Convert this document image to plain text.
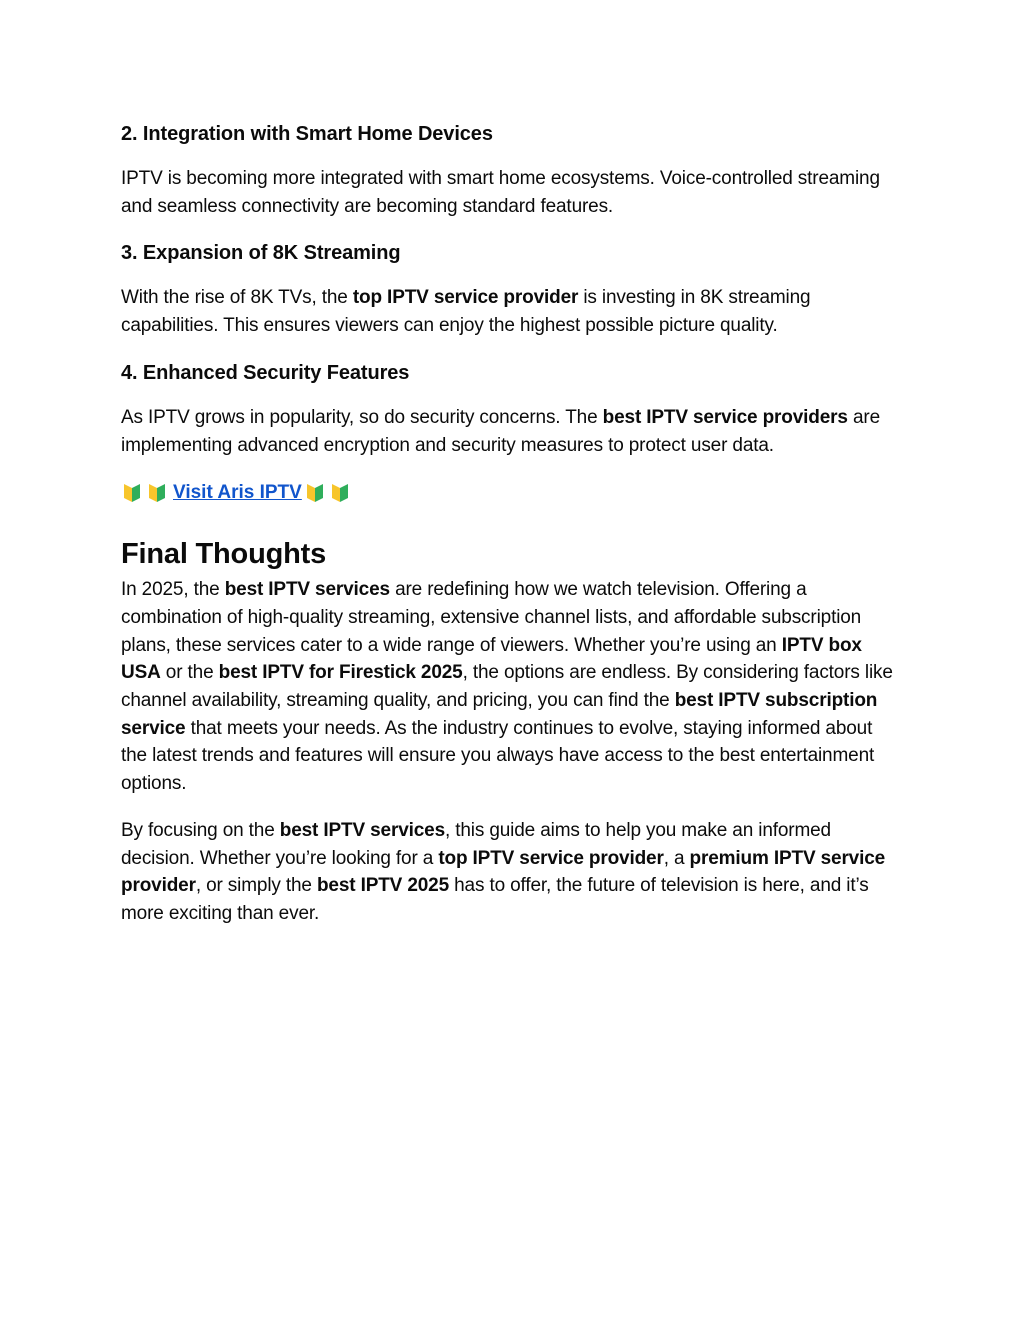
2. Integration with Smart Home Devices

IPTV is becoming more integrated with smart home ecosystems. Voice-controlled streaming and seamless connectivity are becoming standard features.

3. Expansion of 8K Streaming

With the rise of 8K TVs, the top IPTV service provider is investing in 8K streaming capabilities. This ensures viewers can enjoy the highest possible picture quality.

4. Enhanced Security Features

As IPTV grows in popularity, so do security concerns. The best IPTV service providers are implementing advanced encryption and security measures to protect user data.

Visit Aris IPTV
Final Thoughts

In 2025, the best IPTV services are redefining how we watch television. Offering a combination of high-quality streaming, extensive channel lists, and affordable subscription plans, these services cater to a wide range of viewers. Whether you’re using an IPTV box USA or the best IPTV for Firestick 2025, the options are endless. By considering factors like channel availability, streaming quality, and pricing, you can find the best IPTV subscription service that meets your needs. As the industry continues to evolve, staying informed about the latest trends and features will ensure you always have access to the best entertainment options.

By focusing on the best IPTV services, this guide aims to help you make an informed decision. Whether you’re looking for a top IPTV service provider, a premium IPTV service provider, or simply the best IPTV 2025 has to offer, the future of television is here, and it’s more exciting than ever.
